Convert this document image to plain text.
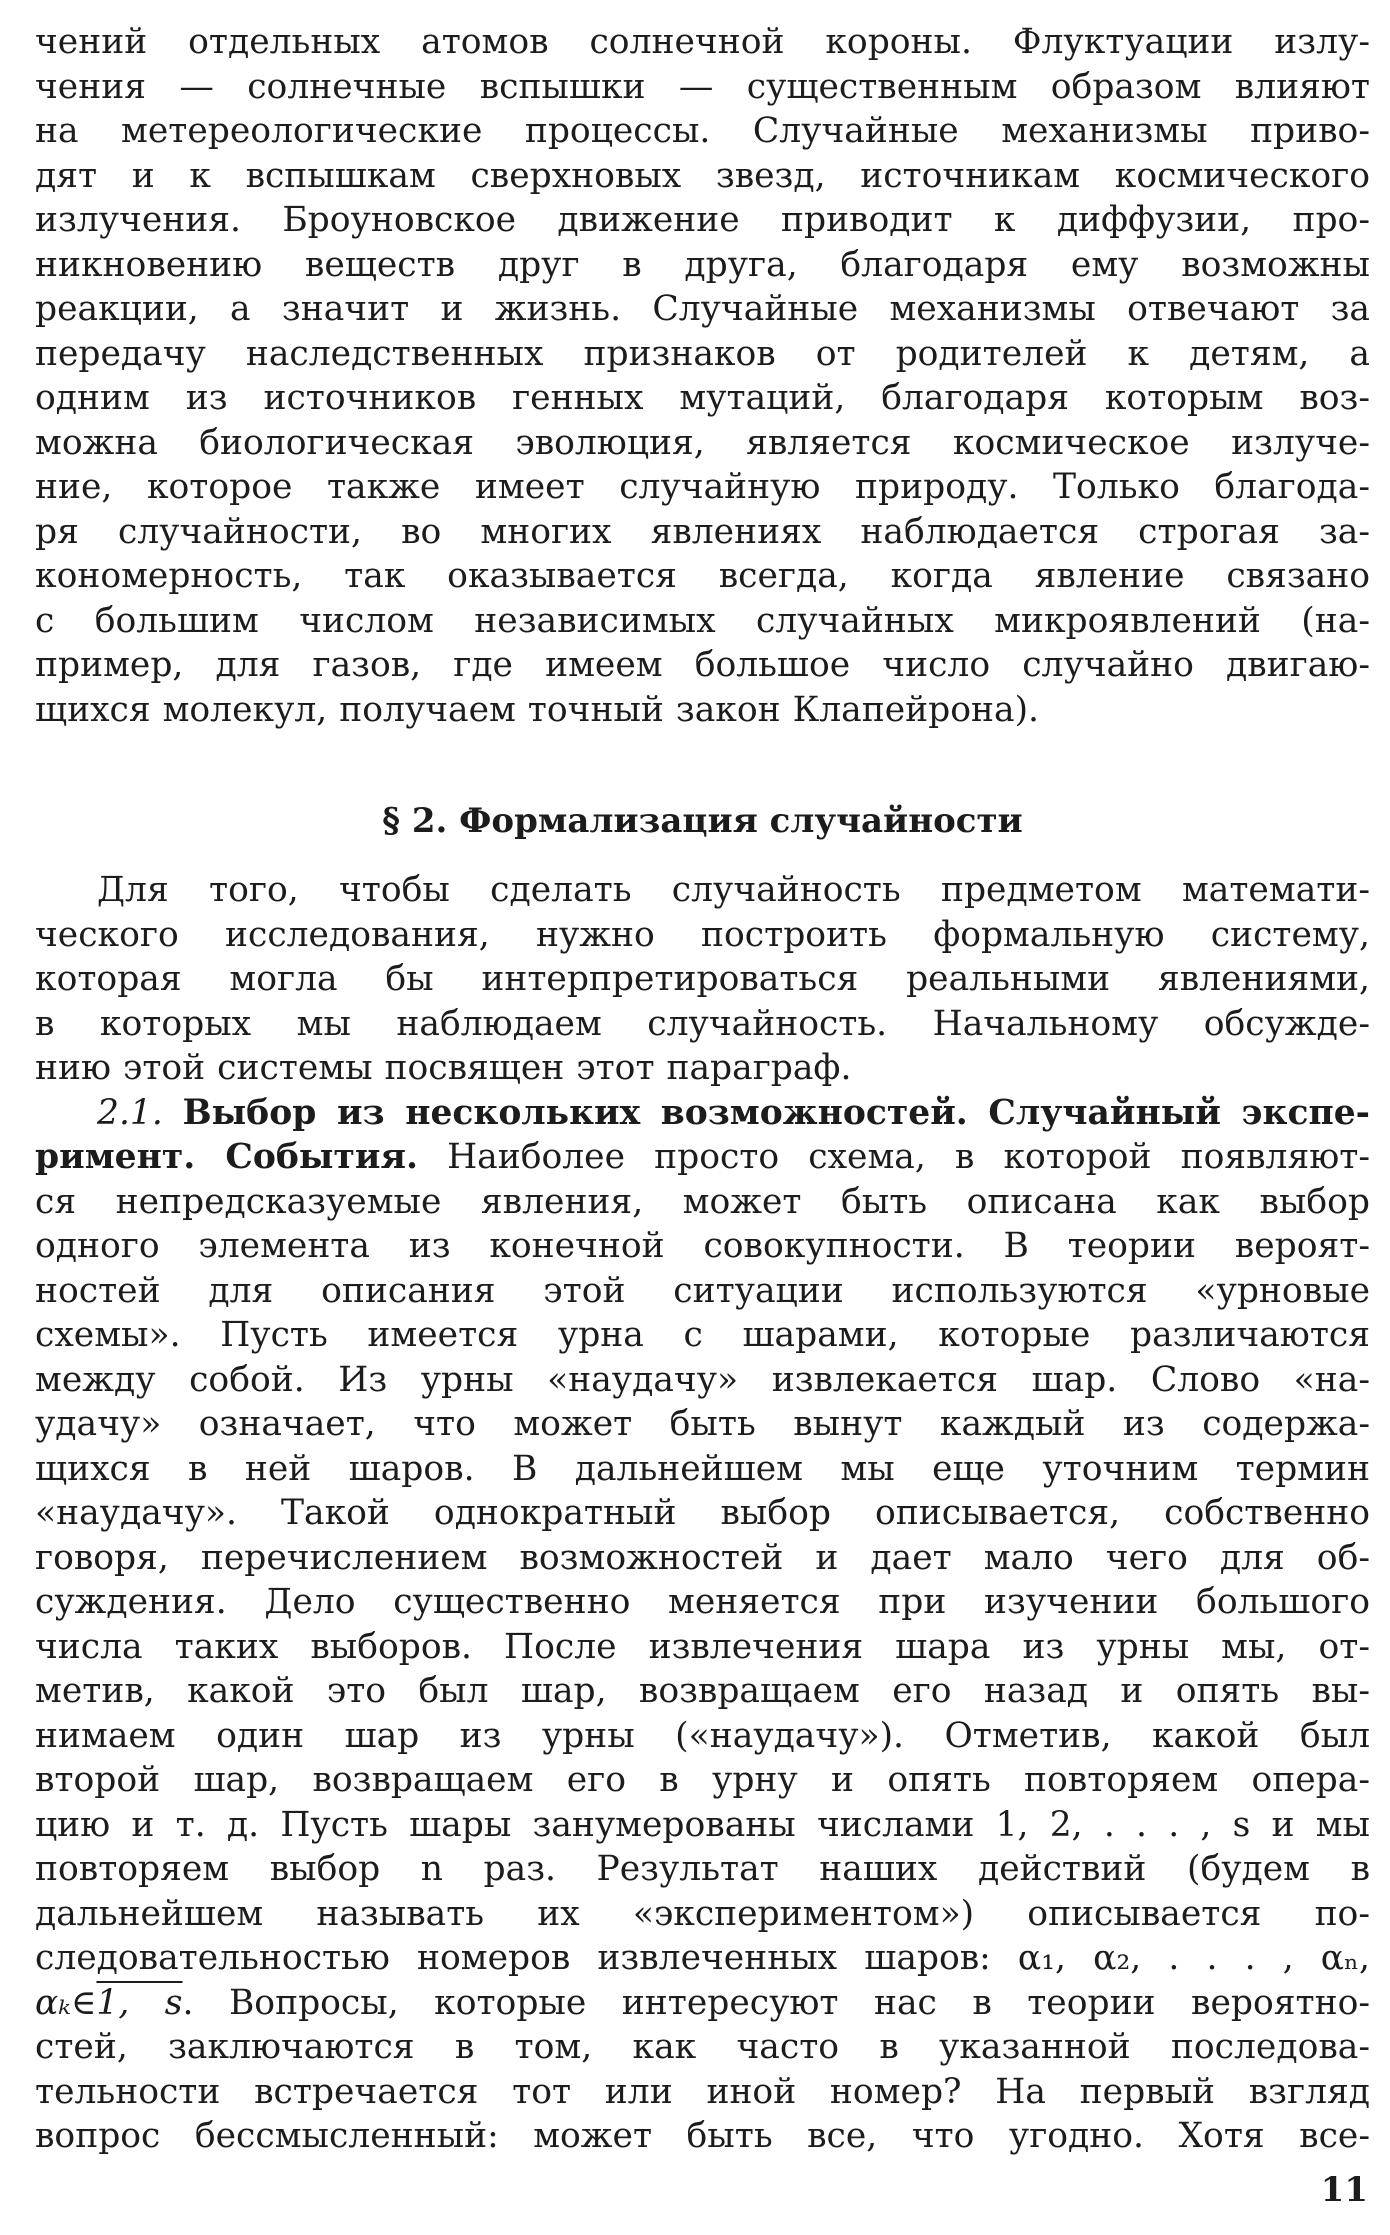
чений отдельных атомов солнечной короны. Флуктуации излу-
чения — солнечные вспышки — существенным образом влияют
на метереологические процессы. Случайные механизмы приво-
дят и к вспышкам сверхновых звезд, источникам космического
излучения. Броуновское движение приводит к диффузии, про-
никновению веществ друг в друга, благодаря ему возможны
реакции, а значит и жизнь. Случайные механизмы отвечают за
передачу наследственных признаков от родителей к детям, а
одним из источников генных мутаций, благодаря которым воз-
можна биологическая эволюция, является космическое излуче-
ние, которое также имеет случайную природу. Только благода-
ря случайности, во многих явлениях наблюдается строгая за-
кономерность, так оказывается всегда, когда явление связано
с большим числом независимых случайных микроявлений (на-
пример, для газов, где имеем большое число случайно двигаю-
щихся молекул, получаем точный закон Клапейрона).
§ 2. Формализация случайности
Для того, чтобы сделать случайность предметом математи-
ческого исследования, нужно построить формальную систему,
которая могла бы интерпретироваться реальными явлениями,
в которых мы наблюдаем случайность. Начальному обсужде-
нию этой системы посвящен этот параграф.
2.1. Выбор из нескольких возможностей. Случайный экспе-
римент. События. Наиболее просто схема, в которой появляют-
ся непредсказуемые явления, может быть описана как выбор
одного элемента из конечной совокупности. В теории вероят-
ностей для описания этой ситуации используются «урновые
схемы». Пусть имеется урна с шарами, которые различаются
между собой. Из урны «наудачу» извлекается шар. Слово «на-
удачу» означает, что может быть вынут каждый из содержа-
щихся в ней шаров. В дальнейшем мы еще уточним термин
«наудачу». Такой однократный выбор описывается, собственно
говоря, перечислением возможностей и дает мало чего для об-
суждения. Дело существенно меняется при изучении большого
числа таких выборов. После извлечения шара из урны мы, от-
метив, какой это был шар, возвращаем его назад и опять вы-
нимаем один шар из урны («наудачу»). Отметив, какой был
второй шар, возвращаем его в урну и опять повторяем опера-
цию и т. д. Пусть шары занумерованы числами 1, 2, . . . , s и мы
повторяем выбор n раз. Результат наших действий (будем в
дальнейшем называть их «экспериментом») описывается по-
следовательностью номеров извлеченных шаров: α₁, α₂, . . . , αₙ,
αₖ∈1, s. Вопросы, которые интересуют нас в теории вероятно-
стей, заключаются в том, как часто в указанной последова-
тельности встречается тот или иной номер? На первый взгляд
вопрос бессмысленный: может быть все, что угодно. Хотя все-
11
